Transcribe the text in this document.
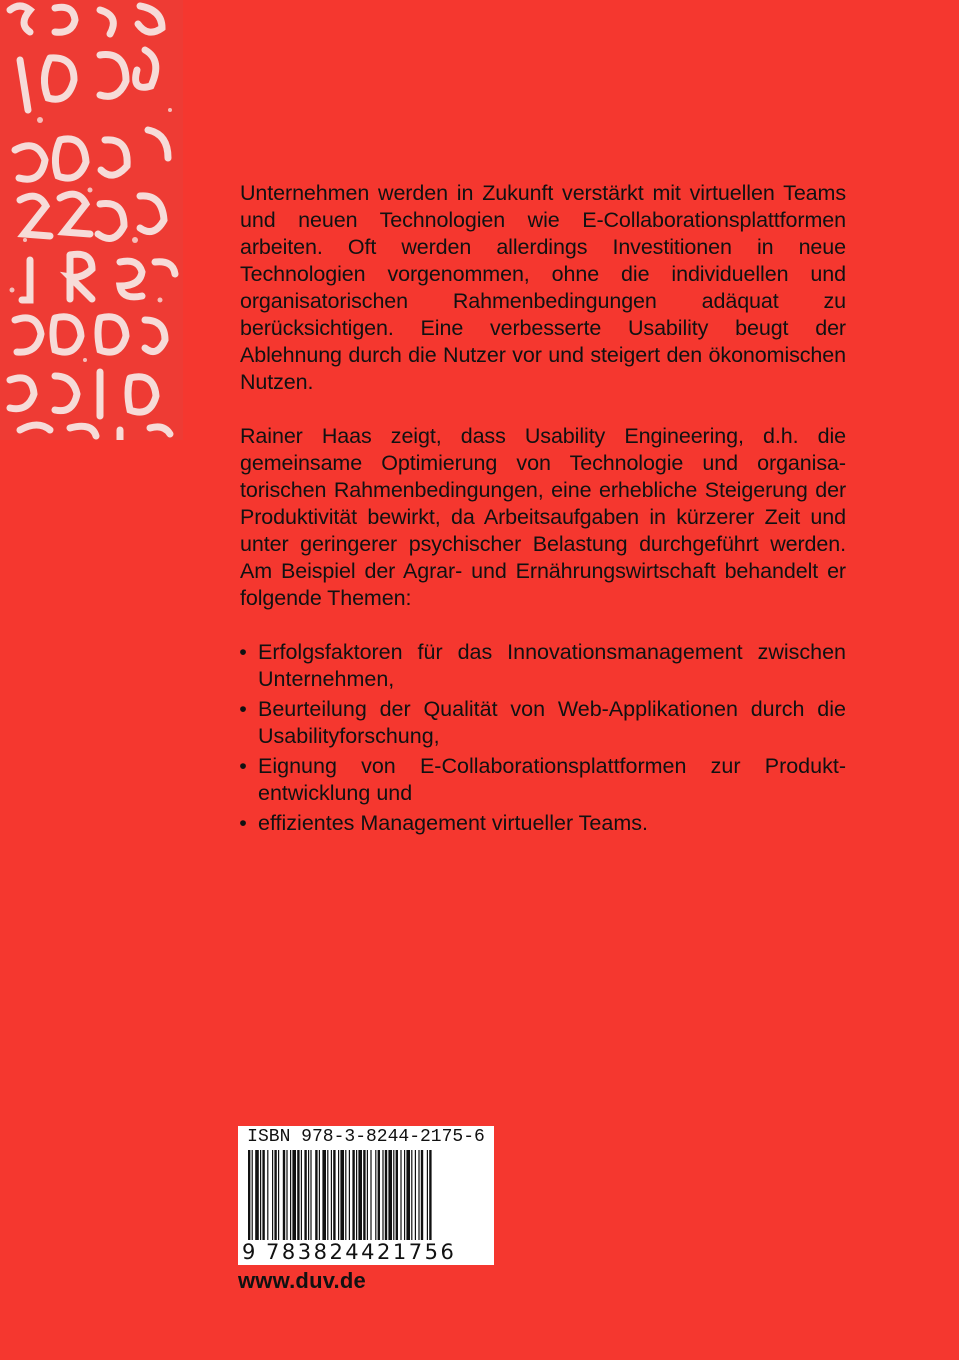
Unternehmen werden in Zukunft verstärkt mit virtuellen Teams und neuen Technologien wie E-Collaborationsplattformen arbeiten. Oft werden allerdings Investitionen in neue Technologien vorgenommen, ohne die individuellen und organisatorischen Rahmenbedingungen adäquat zu berücksichtigen. Eine verbesserte Usability beugt der Ablehnung durch die Nutzer vor und steigert den ökonomischen Nutzen.

Rainer Haas zeigt, dass Usability Engineering, d.h. die gemeinsame Optimierung von Technologie und organisatorischen Rahmenbedingungen, eine erhebliche Steigerung der Produktivität bewirkt, da Arbeitsaufgaben in kürzerer Zeit und unter geringerer psychischer Belastung durchgeführt werden. Am Beispiel der Agrar- und Ernährungswirtschaft behandelt er folgende Themen:

• Erfolgsfaktoren für das Innovationsmanagement zwischen Unternehmen,
• Beurteilung der Qualität von Web-Applikationen durch die Usabilityforschung,
• Eignung von E-Collaborationsplattformen zur Produktentwicklung und
• effizientes Management virtueller Teams.
ISBN 978-3-8244-2175-6
9 783824421756
www.duv.de
